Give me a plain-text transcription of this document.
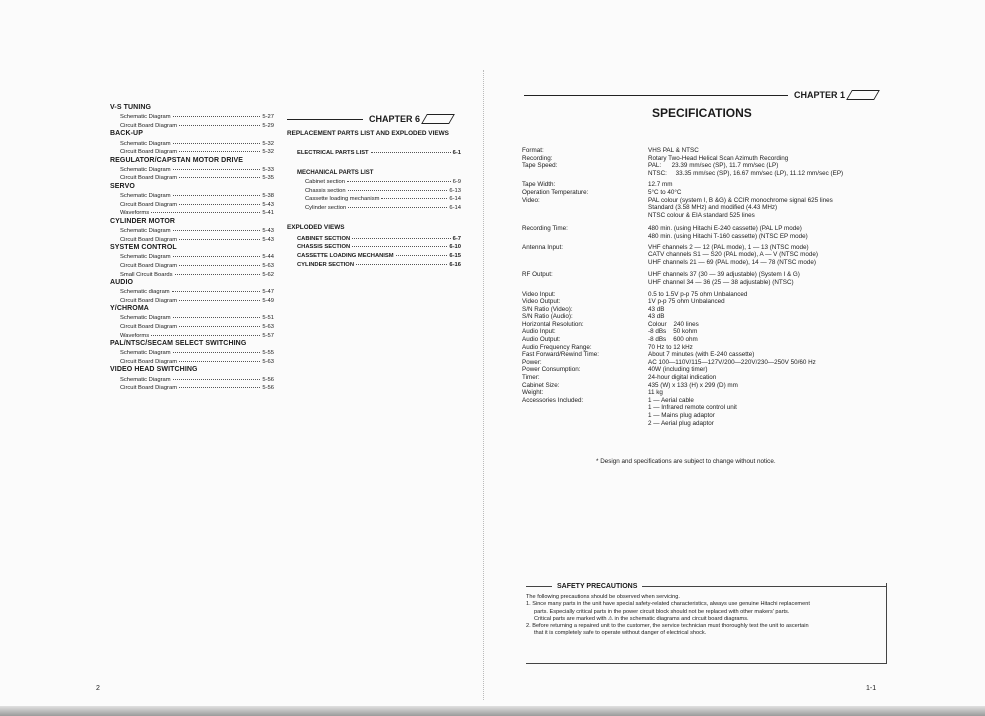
V-S TUNING
Schematic Diagram	5-27
Circuit Board Diagram	5-29
BACK-UP
Schematic Diagram	5-32
Circuit Board Diagram	5-32
REGULATOR/CAPSTAN MOTOR DRIVE
Schematic Diagram	5-33
Circuit Board Diagram	5-35
SERVO
Schematic Diagram	5-38
Circuit Board Diagram	5-43
Waveforms	5-41
CYLINDER MOTOR
Schematic Diagram	5-43
Circuit Board Diagram	5-43
SYSTEM CONTROL
Schematic Diagram	5-44
Circuit Board Diagram	5-63
Small Circuit Boards	5-62
AUDIO
Schematic diagram	5-47
Circuit Board Diagram	5-49
Y/CHROMA
Schematic Diagram	5-51
Circuit Board Diagram	5-63
Waveforms	5-57
PAL/NTSC/SECAM SELECT SWITCHING
Schematic Diagram	5-55
Circuit Board Diagram	5-63
VIDEO HEAD SWITCHING
Schematic Diagram	5-56
Circuit Board Diagram	5-56
CHAPTER 6
REPLACEMENT PARTS LIST AND EXPLODED VIEWS
ELECTRICAL PARTS LIST	6-1
MECHANICAL PARTS LIST
Cabinet section	6-9
Chassis section	6-13
Cassette loading mechanism	6-14
Cylinder section	6-14
EXPLODED VIEWS
CABINET SECTION	6-7
CHASSIS SECTION	6-10
CASSETTE LOADING MECHANISM	6-15
CYLINDER SECTION	6-16
CHAPTER 1
SPECIFICATIONS
Format:	VHS PAL & NTSC
Recording:	Rotary Two-Head Helical Scan Azimuth Recording
Tape Speed:	PAL:      23.39 mm/sec (SP), 11.7 mm/sec (LP)
NTSC:     33.35 mm/sec (SP), 16.67 mm/sec (LP), 11.12 mm/sec (EP)
Tape Width:	12.7 mm
Operation Temperature:	5°C to 40°C
Video:	PAL colour (system I, B &G) & CCIR monochrome signal 625 lines
Standard (3.58 MHz) and modified (4.43 MHz)
NTSC colour & EIA standard 525 lines
Recording Time:	480 min. (using Hitachi E-240 cassette) (PAL LP mode)
480 min. (using Hitachi T-160 cassette) (NTSC EP mode)
Antenna Input:	VHF channels 2 — 12 (PAL mode), 1 — 13 (NTSC mode)
CATV channels S1 — S20 (PAL mode), A — V (NTSC mode)
UHF channels 21 — 69 (PAL mode), 14 — 78 (NTSC mode)
RF Output:	UHF channels 37 (30 — 39 adjustable) (System I & G)
UHF channel 34 — 36 (25 — 38 adjustable) (NTSC)
Video Input:	0.5 to 1.5V p-p 75 ohm Unbalanced
Video Output:	1V p-p 75 ohm Unbalanced
S/N Ratio (Video):	43 dB
S/N Ratio (Audio):	43 dB
Horizontal Resolution:	Colour    240 lines
Audio Input:	-8 dBs    50 kohm
Audio Output:	-8 dBs    600 ohm
Audio Frequency Range:	70 Hz to 12 kHz
Fast Forward/Rewind Time:	About 7 minutes (with E-240 cassette)
Power:	AC 100—110V/115—127V/200—220V/230—250V 50/60 Hz
Power Consumption:	40W (including timer)
Timer:	24-hour digital indication
Cabinet Size:	435 (W) x 133 (H) x 299 (D) mm
Weight:	11 kg
Accessories Included:	1 — Aerial cable
1 — Infrared remote control unit
1 — Mains plug adaptor
2 — Aerial plug adaptor
* Design and specifications are subject to change without notice.
SAFETY PRECAUTIONS

The following precautions should be observed when servicing.

1. Since many parts in the unit have special safety-related characteristics, always use genuine Hitachi replacement

parts. Especially critical parts in the power circuit block should not be replaced with other makers' parts.

Critical parts are marked with ⚠ in the schematic diagrams and circuit board diagrams.

2. Before returning a repaired unit to the customer, the service technician must thoroughly test the unit to ascertain

that it is completely safe to operate without danger of electrical shock.

2	1-1
